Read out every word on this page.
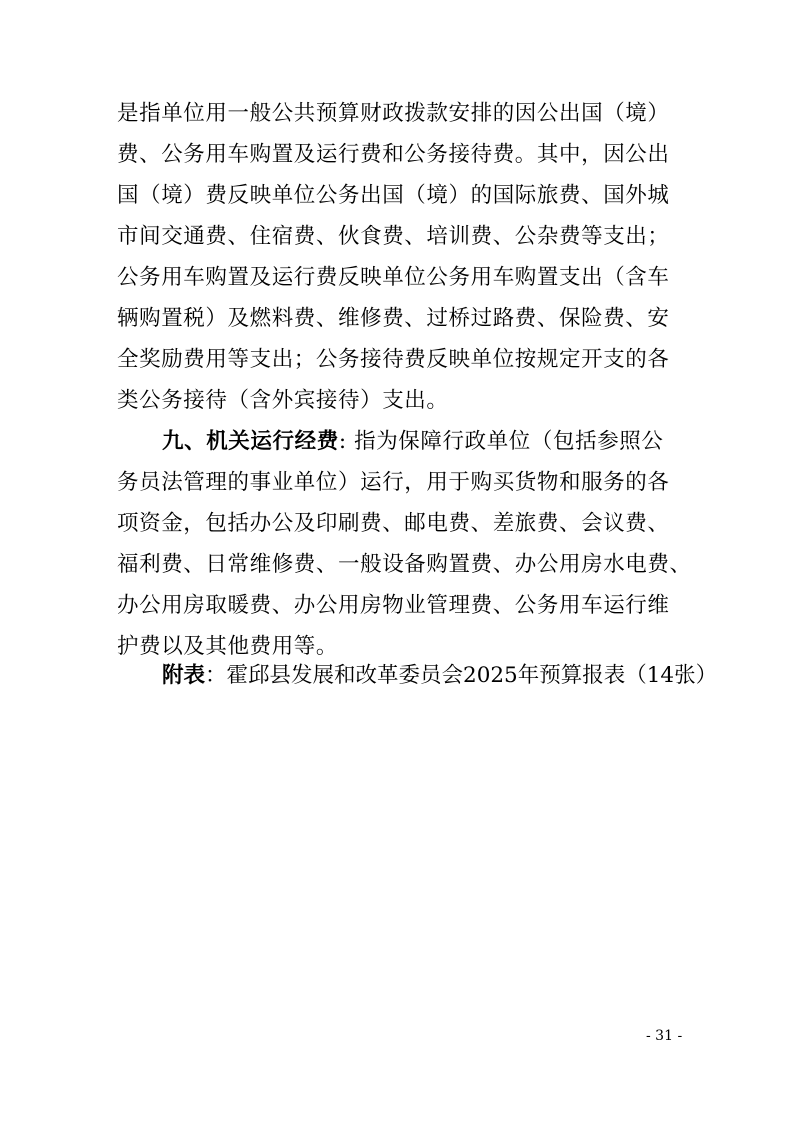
是指单位用一般公共预算财政拨款安排的因公出国（境）
费、公务用车购置及运行费和公务接待费。其中，因公出
国（境）费反映单位公务出国（境）的国际旅费、国外城
市间交通费、住宿费、伙食费、培训费、公杂费等支出；
公务用车购置及运行费反映单位公务用车购置支出（含车
辆购置税）及燃料费、维修费、过桥过路费、保险费、安
全奖励费用等支出；公务接待费反映单位按规定开支的各
类公务接待（含外宾接待）支出。
九、机关运行经费: 指为保障行政单位（包括参照公
务员法管理的事业单位）运行，用于购买货物和服务的各
项资金，包括办公及印刷费、邮电费、差旅费、会议费、
福利费、日常维修费、一般设备购置费、办公用房水电费、
办公用房取暖费、办公用房物业管理费、公务用车运行维
护费以及其他费用等。
附表：霍邱县发展和改革委员会2025年预算报表（14张）
- 31 -
